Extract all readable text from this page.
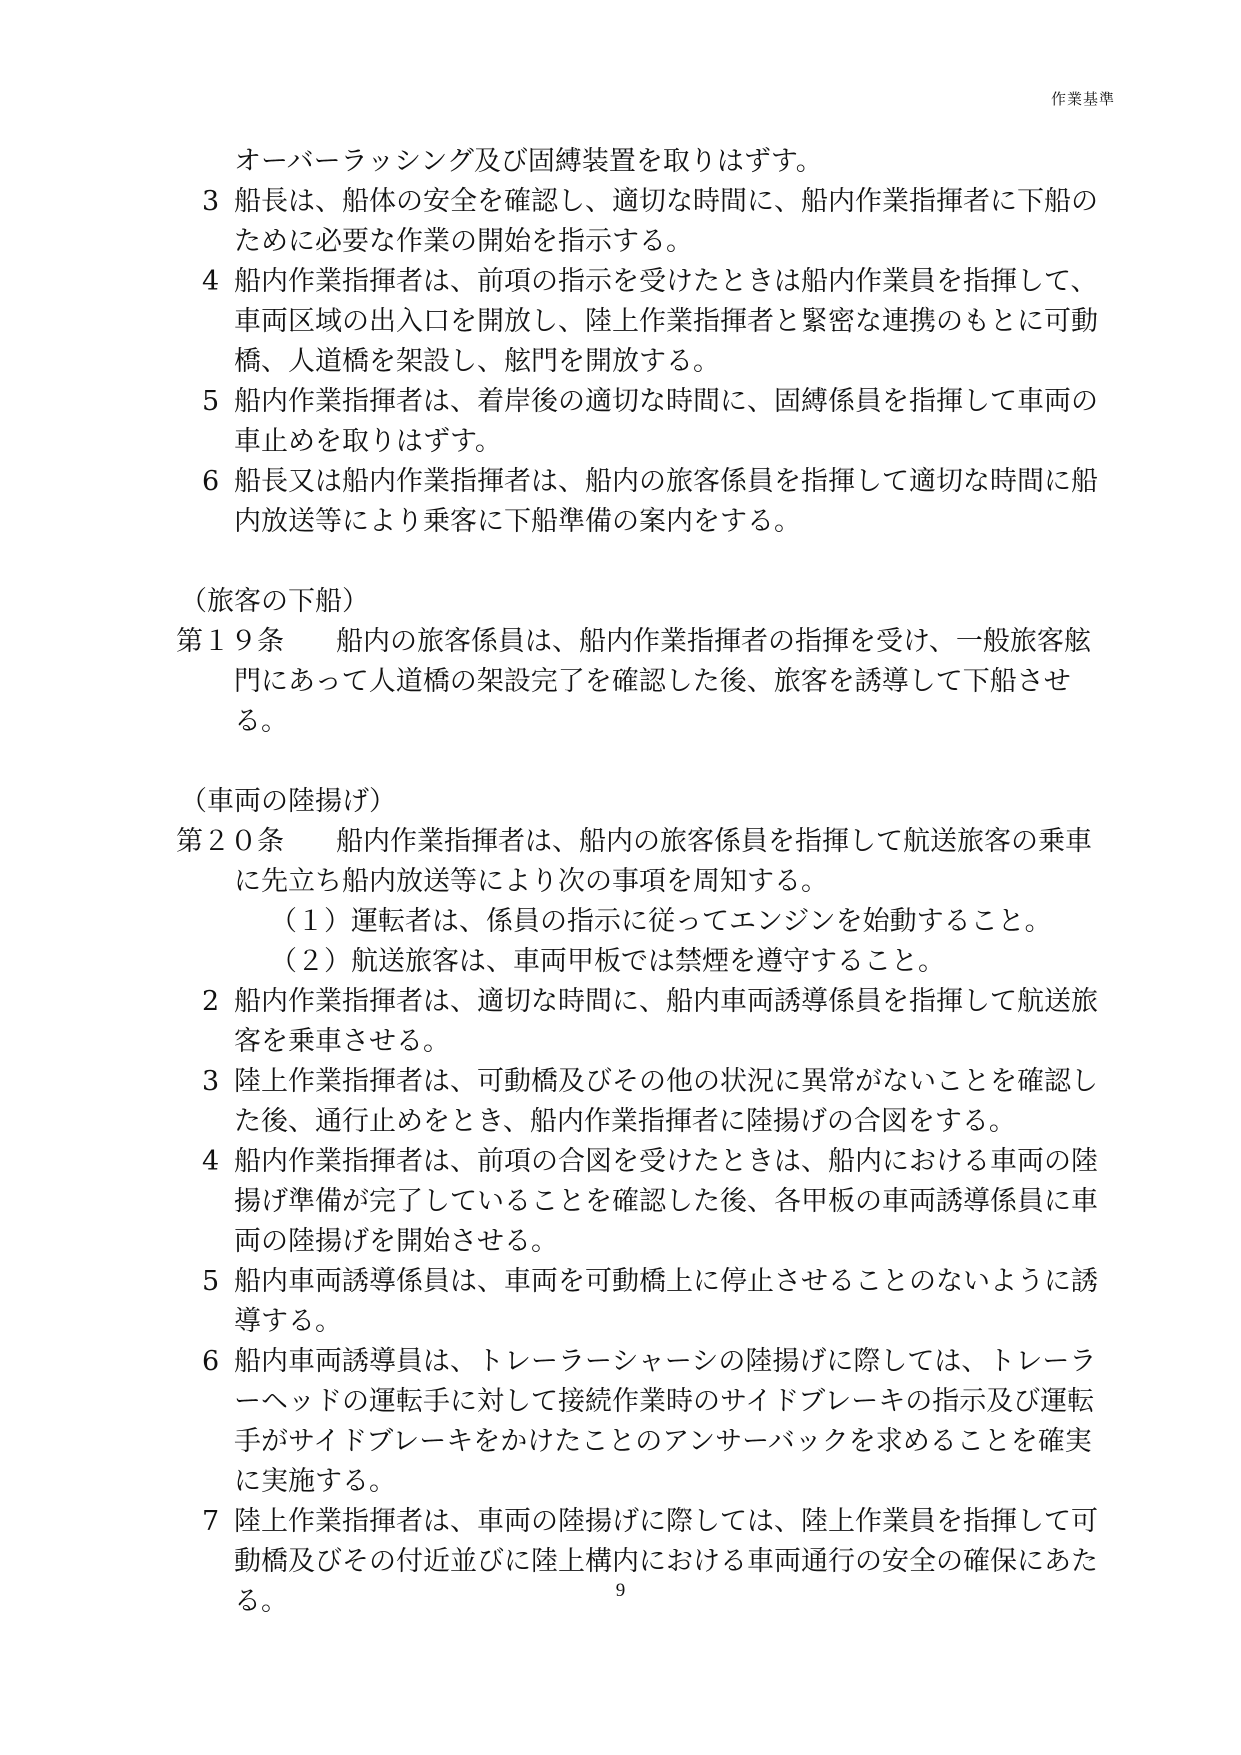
作業基準

オーバーラッシング及び固縛装置を取りはずす。

3 船長は、船体の安全を確認し、適切な時間に、船内作業指揮者に下船のために必要な作業の開始を指示する。

4 船内作業指揮者は、前項の指示を受けたときは船内作業員を指揮して、車両区域の出入口を開放し、陸上作業指揮者と緊密な連携のもとに可動橋、人道橋を架設し、舷門を開放する。

5 船内作業指揮者は、着岸後の適切な時間に、固縛係員を指揮して車両の車止めを取りはずす。

6 船長又は船内作業指揮者は、船内の旅客係員を指揮して適切な時間に船内放送等により乗客に下船準備の案内をする。

（旅客の下船）

第１９条 船内の旅客係員は、船内作業指揮者の指揮を受け、一般旅客舷門にあって人道橋の架設完了を確認した後、旅客を誘導して下船させる。

（車両の陸揚げ）

第２０条 船内作業指揮者は、船内の旅客係員を指揮して航送旅客の乗車に先立ち船内放送等により次の事項を周知する。

（１）運転者は、係員の指示に従ってエンジンを始動すること。

（２）航送旅客は、車両甲板では禁煙を遵守すること。

2 船内作業指揮者は、適切な時間に、船内車両誘導係員を指揮して航送旅客を乗車させる。

3 陸上作業指揮者は、可動橋及びその他の状況に異常がないことを確認した後、通行止めをとき、船内作業指揮者に陸揚げの合図をする。

4 船内作業指揮者は、前項の合図を受けたときは、船内における車両の陸揚げ準備が完了していることを確認した後、各甲板の車両誘導係員に車両の陸揚げを開始させる。

5 船内車両誘導係員は、車両を可動橋上に停止させることのないように誘導する。

6 船内車両誘導員は、トレーラーシャーシの陸揚げに際しては、トレーラーヘッドの運転手に対して接続作業時のサイドブレーキの指示及び運転手がサイドブレーキをかけたことのアンサーバックを求めることを確実に実施する。

7 陸上作業指揮者は、車両の陸揚げに際しては、陸上作業員を指揮して可動橋及びその付近並びに陸上構内における車両通行の安全の確保にあたる。	9
